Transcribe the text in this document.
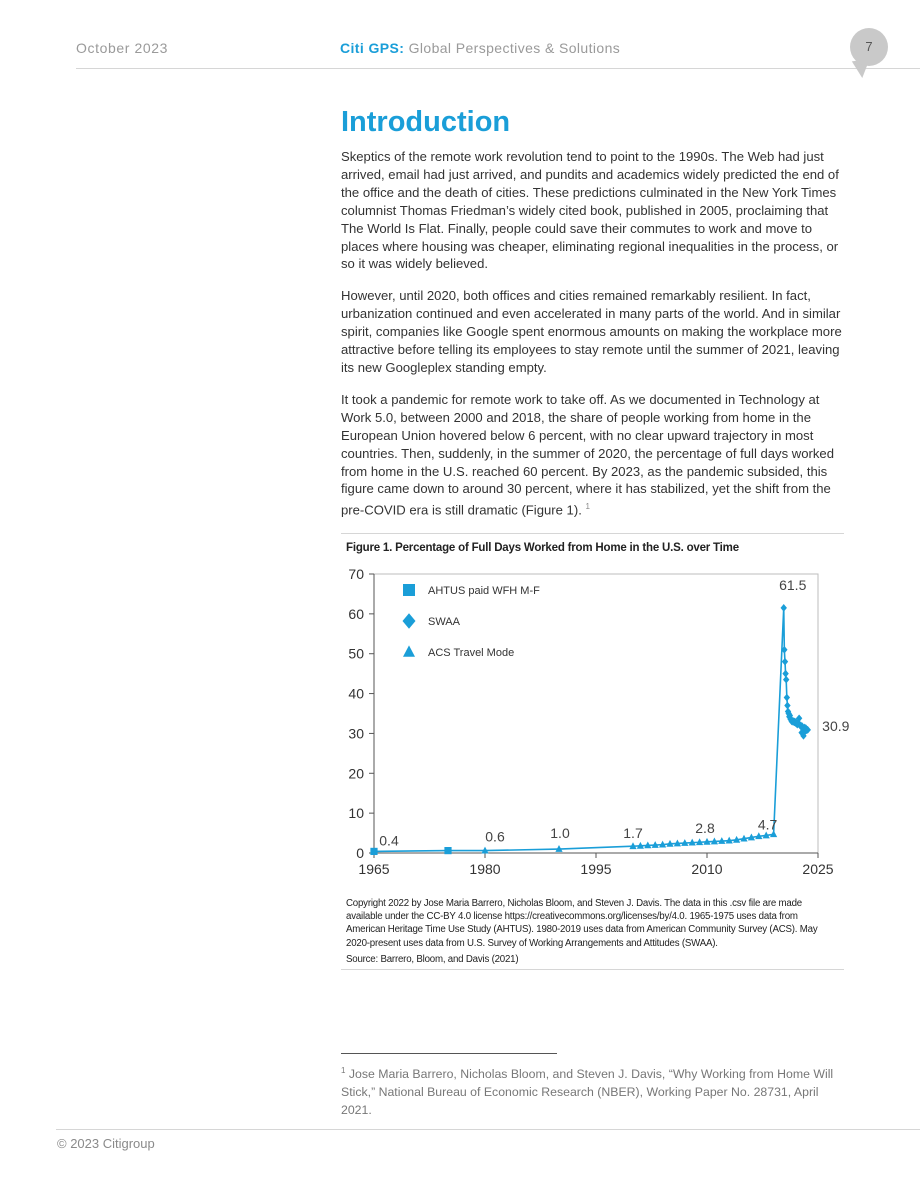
October 2023	Citi GPS: Global Perspectives & Solutions	7
Introduction

Skeptics of the remote work revolution tend to point to the 1990s. The Web had just arrived, email had just arrived, and pundits and academics widely predicted the end of the office and the death of cities. These predictions culminated in the New York Times columnist Thomas Friedman’s widely cited book, published in 2005, proclaiming that The World Is Flat. Finally, people could save their commutes to work and move to places where housing was cheaper, eliminating regional inequalities in the process, or so it was widely believed.

However, until 2020, both offices and cities remained remarkably resilient. In fact, urbanization continued and even accelerated in many parts of the world. And in similar spirit, companies like Google spent enormous amounts on making the workplace more attractive before telling its employees to stay remote until the summer of 2021, leaving its new Googleplex standing empty.

It took a pandemic for remote work to take off. As we documented in Technology at Work 5.0, between 2000 and 2018, the share of people working from home in the European Union hovered below 6 percent, with no clear upward trajectory in most countries. Then, suddenly, in the summer of 2020, the percentage of full days worked from home in the U.S. reached 60 percent. By 2023, as the pandemic subsided, this figure came down to around 30 percent, where it has stabilized, yet the shift from the pre-COVID era is still dramatic (Figure 1). $^1$

Figure 1. Percentage of Full Days Worked from Home in the U.S. over Time
0
10
20
30
40
50
60
70
1965	1980	1995	2010	2025
0.4	0.6	1.0	1.7	2.8	4.7
61.5
30.9
AHTUS paid WFH M-F
SWAA
ACS Travel Mode
Copyright 2022 by Jose Maria Barrero, Nicholas Bloom, and Steven J. Davis. The data in this .csv file are made available under the CC-BY 4.0 license https://creativecommons.org/licenses/by/4.0. 1965-1975 uses data from American Heritage Time Use Study (AHTUS). 1980-2019 uses data from American Community Survey (ACS). May 2020-present uses data from U.S. Survey of Working Arrangements and Attitudes (SWAA).
Source: Barrero, Bloom, and Davis (2021)
$^1$ Jose Maria Barrero, Nicholas Bloom, and Steven J. Davis, “Why Working from Home Will Stick,” National Bureau of Economic Research (NBER), Working Paper No. 28731, April 2021.
© 2023 Citigroup
